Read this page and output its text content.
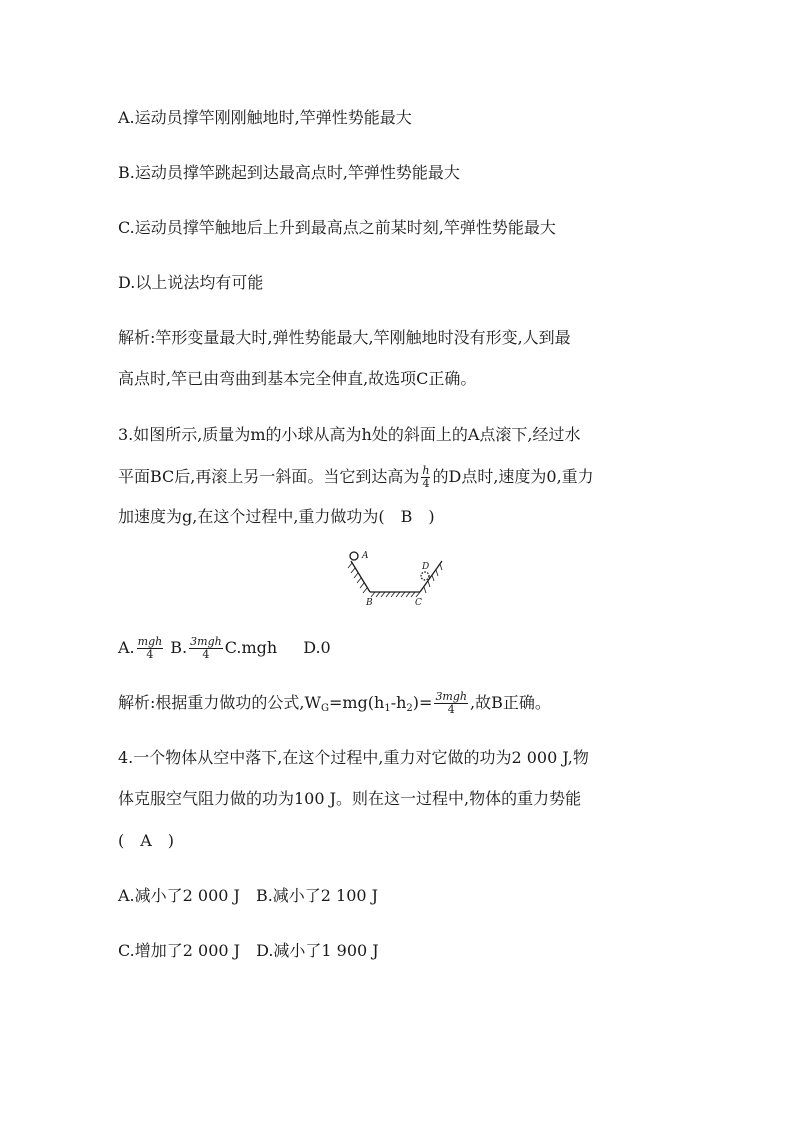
A.运动员撑竿刚刚触地时,竿弹性势能最大
B.运动员撑竿跳起到达最高点时,竿弹性势能最大
C.运动员撑竿触地后上升到最高点之前某时刻,竿弹性势能最大
D.以上说法均有可能
解析:竿形变量最大时,弹性势能最大,竿刚触地时没有形变,人到最
高点时,竿已由弯曲到基本完全伸直,故选项C正确。
3.如图所示,质量为m的小球从高为h处的斜面上的A点滚下,经过水
平面BC后,再滚上另一斜面。当它到达高为 $\frac{h}{4}$ 的D点时,速度为0,重力
加速度为g,在这个过程中,重力做功为(　B　)
A
B	C
D
A. $\frac{\text{mgh}}{4} B$. $\frac{\text{3mgh}}{4} C.mgh$ D.0
解析:根据重力做功的公式$,W_G=mg(h_1-h_2)= \frac{\text{3mgh}}{4}$ ,故B正确。
4.一个物体从空中落下,在这个过程中,重力对它做的功为2 000 J,物
体克服空气阻力做的功为100 J。则在这一过程中,物体的重力势能
(　A　)
A.减小了2 000 J　B.减小了2 100 J
C.增加了2 000 J　D.减小了1 900 J
